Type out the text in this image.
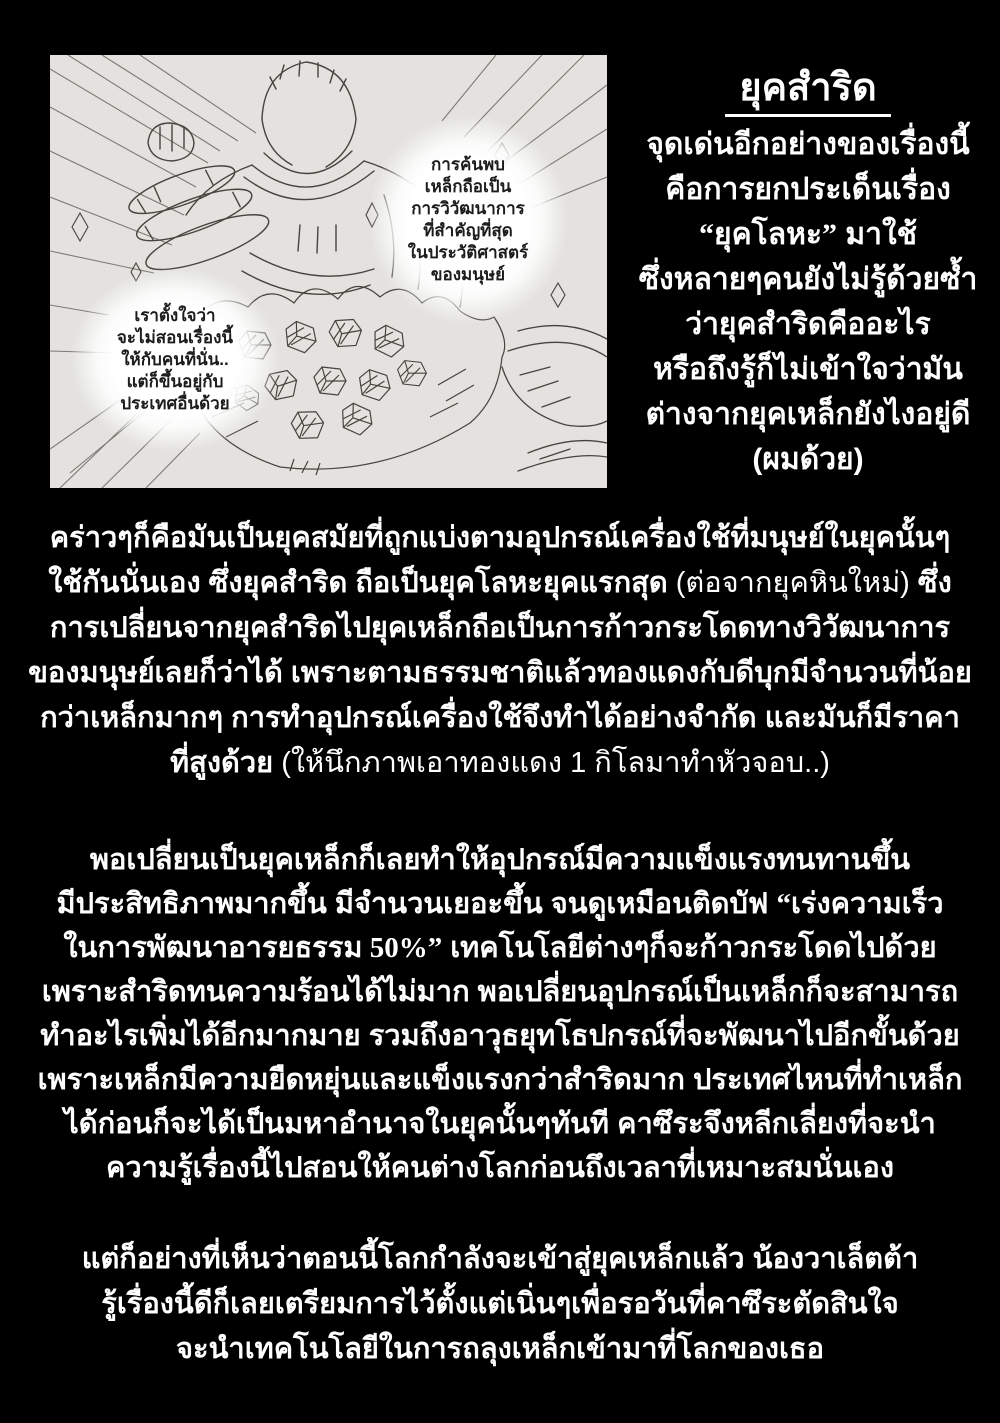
การค้นพบ
เหล็กถือเป็น
การวิวัฒนาการ
ที่สำคัญที่สุด
ในประวัติศาสตร์
ของมนุษย์
เราตั้งใจว่า
จะไม่สอนเรื่องนี้
ให้กับคนที่นั่น..
แต่ก็ขึ้นอยู่กับ
ประเทศอื่นด้วย
ยุคสำริด
จุดเด่นอีกอย่างของเรื่องนี้
คือการยกประเด็นเรื่อง
“ยุคโลหะ” มาใช้
ซึ่งหลายๆคนยังไม่รู้ด้วยซ้ำ
ว่ายุคสำริดคืออะไร
หรือถึงรู้ก็ไม่เข้าใจว่ามัน
ต่างจากยุคเหล็กยังไงอยู่ดี
(ผมด้วย)
คร่าวๆก็คือมันเป็นยุคสมัยที่ถูกแบ่งตามอุปกรณ์เครื่องใช้ที่มนุษย์ในยุคนั้นๆ
ใช้กันนั่นเอง ซึ่งยุคสำริด ถือเป็นยุคโลหะยุคแรกสุด (ต่อจากยุคหินใหม่) ซึ่ง
การเปลี่ยนจากยุคสำริดไปยุคเหล็กถือเป็นการก้าวกระโดดทางวิวัฒนาการ
ของมนุษย์เลยก็ว่าได้ เพราะตามธรรมชาติแล้วทองแดงกับดีบุกมีจำนวนที่น้อย
กว่าเหล็กมากๆ การทำอุปกรณ์เครื่องใช้จึงทำได้อย่างจำกัด และมันก็มีราคา
ที่สูงด้วย (ให้นึกภาพเอาทองแดง 1 กิโลมาทำหัวจอบ..)
พอเปลี่ยนเป็นยุคเหล็กก็เลยทำให้อุปกรณ์มีความแข็งแรงทนทานขึ้น
มีประสิทธิภาพมากขึ้น มีจำนวนเยอะขึ้น จนดูเหมือนติดบัฟ “เร่งความเร็ว
ในการพัฒนาอารยธรรม 50%” เทคโนโลยีต่างๆก็จะก้าวกระโดดไปด้วย
เพราะสำริดทนความร้อนได้ไม่มาก พอเปลี่ยนอุปกรณ์เป็นเหล็กก็จะสามารถ
ทำอะไรเพิ่มได้อีกมากมาย รวมถึงอาวุธยุทโธปกรณ์ที่จะพัฒนาไปอีกขั้นด้วย
เพราะเหล็กมีความยืดหยุ่นและแข็งแรงกว่าสำริดมาก ประเทศไหนที่ทำเหล็ก
ได้ก่อนก็จะได้เป็นมหาอำนาจในยุคนั้นๆทันที คาซึระจึงหลีกเลี่ยงที่จะนำ
ความรู้เรื่องนี้ไปสอนให้คนต่างโลกก่อนถึงเวลาที่เหมาะสมนั่นเอง
แต่ก็อย่างที่เห็นว่าตอนนี้โลกกำลังจะเข้าสู่ยุคเหล็กแล้ว น้องวาเล็ตต้า
รู้เรื่องนี้ดีก็เลยเตรียมการไว้ตั้งแต่เนิ่นๆเพื่อรอวันที่คาซึระตัดสินใจ
จะนำเทคโนโลยีในการถลุงเหล็กเข้ามาที่โลกของเธอ
